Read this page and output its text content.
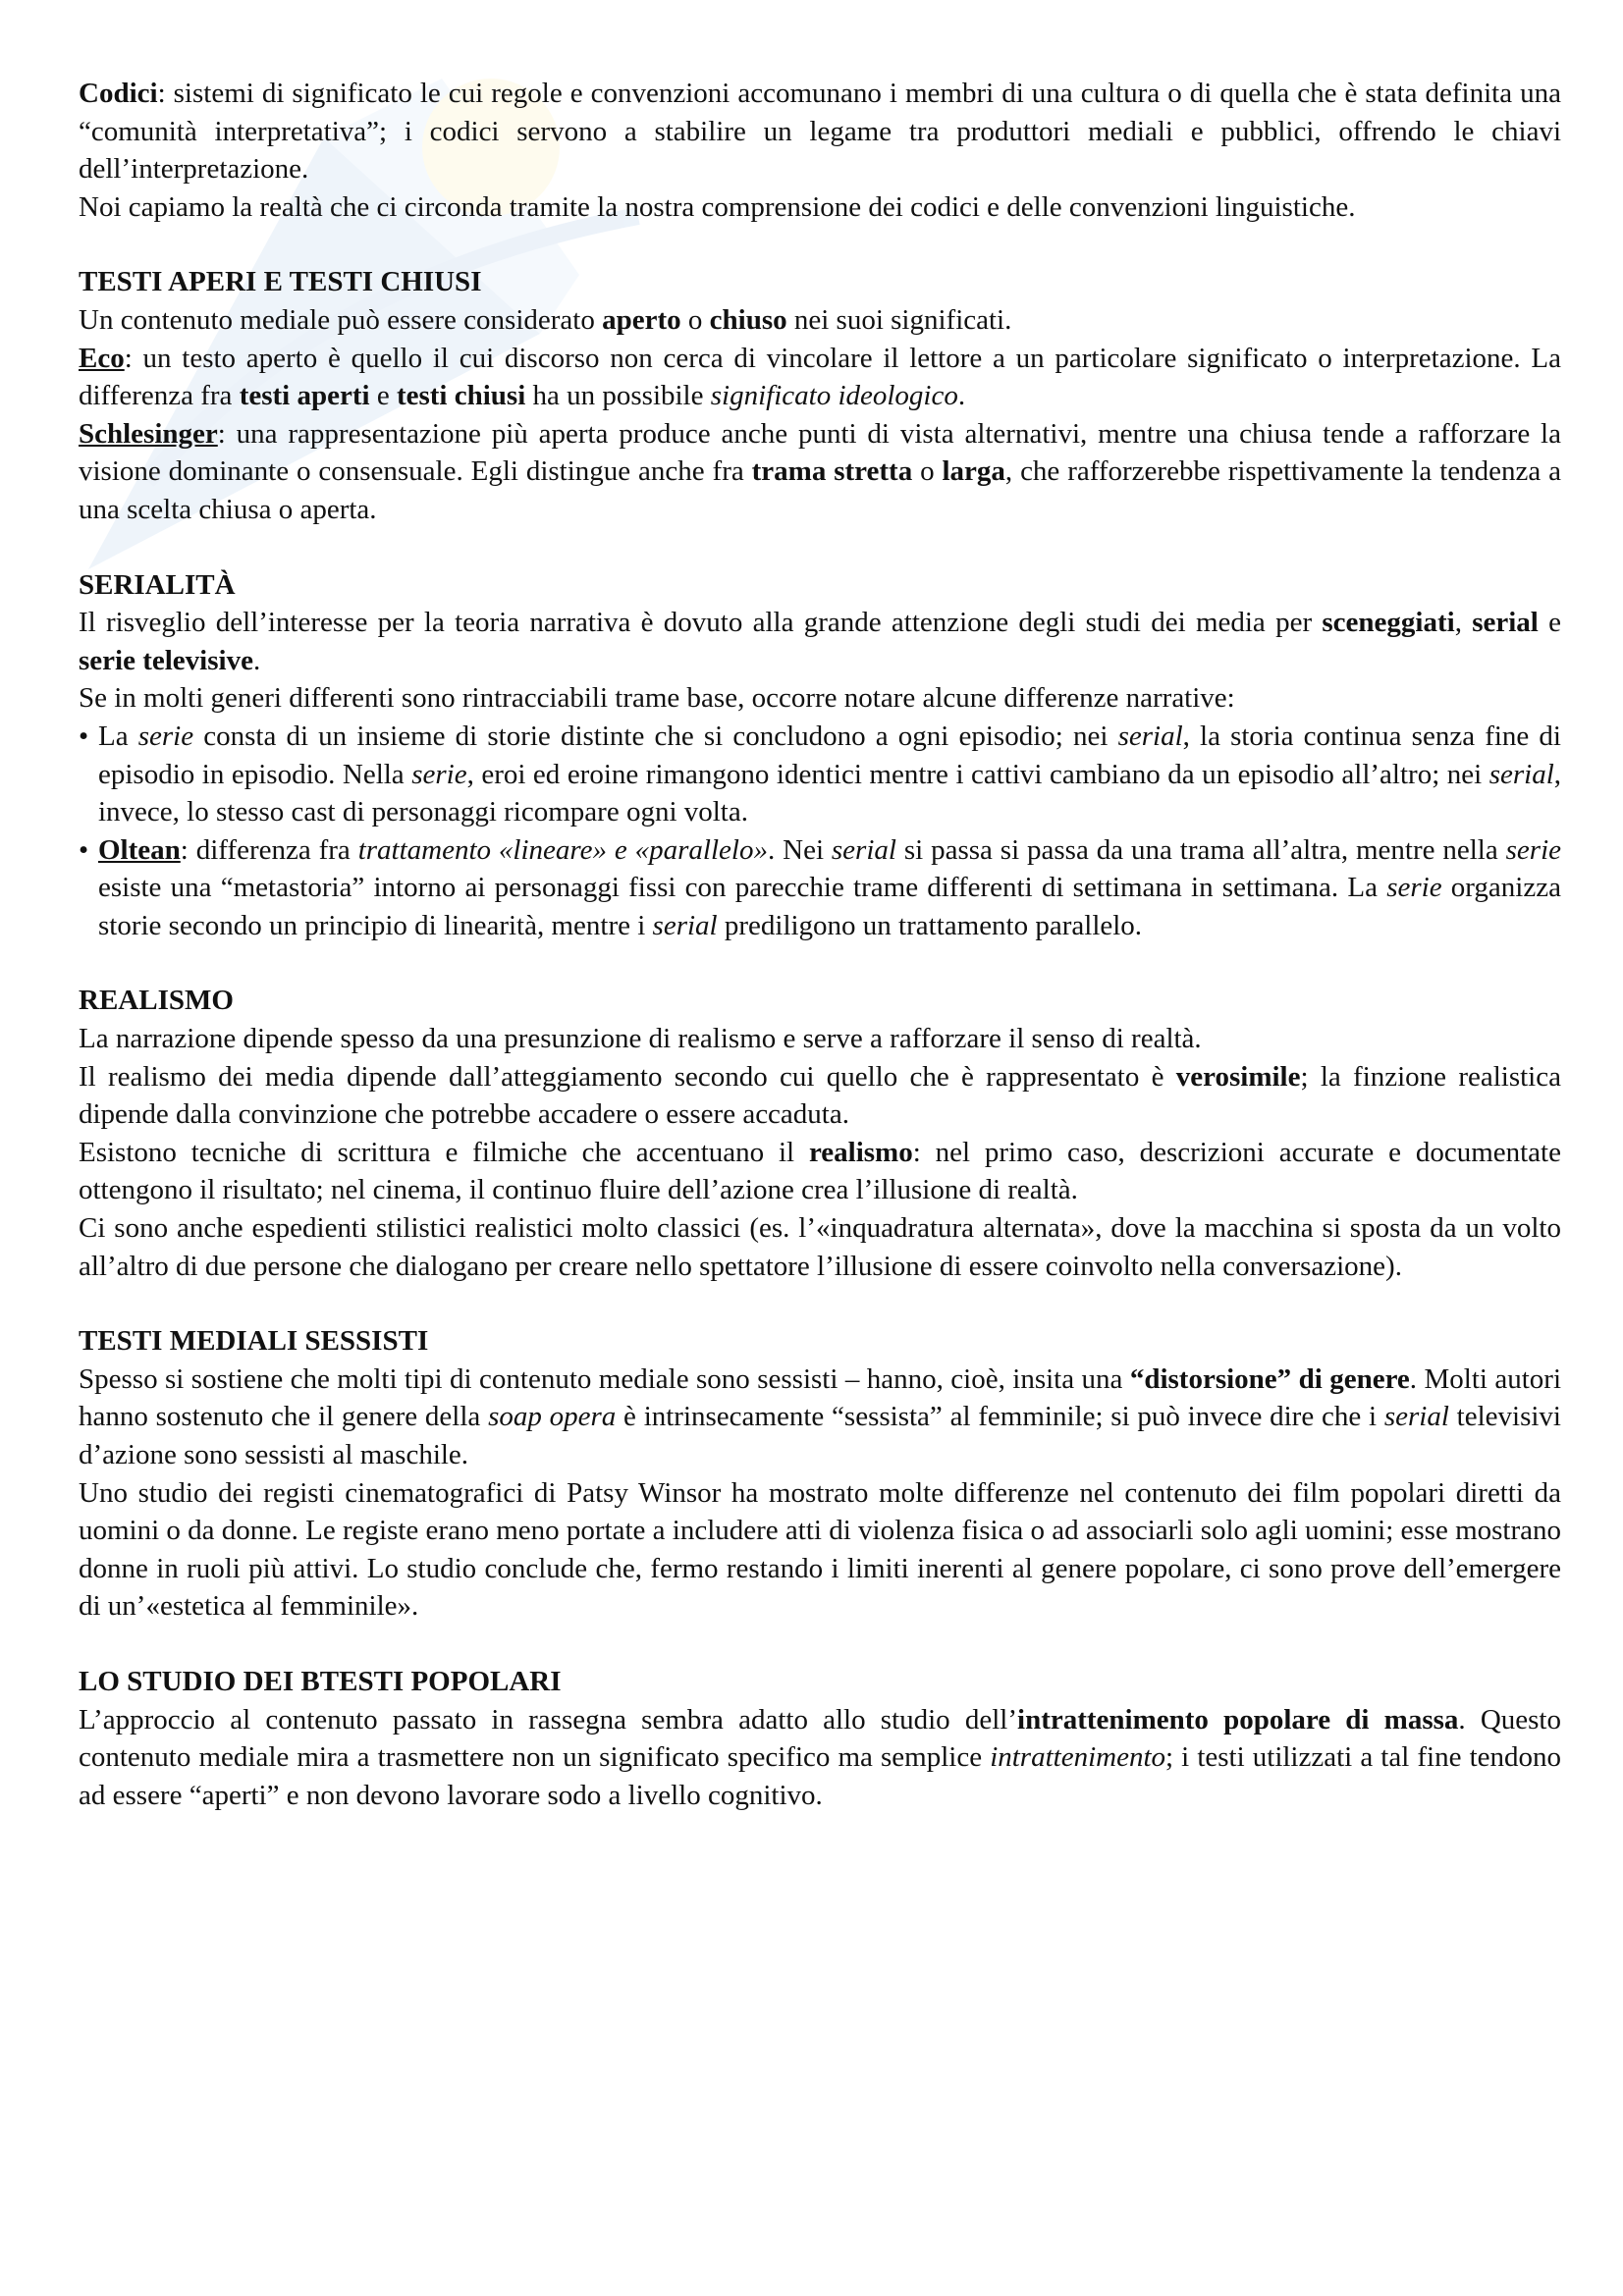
Codici: sistemi di significato le cui regole e convenzioni accomunano i membri di una cultura o di quella che è stata definita una “comunità interpretativa”; i codici servono a stabilire un legame tra produttori mediali e pubblici, offrendo le chiavi dell’interpretazione.

Noi capiamo la realtà che ci circonda tramite la nostra comprensione dei codici e delle convenzioni linguistiche.

TESTI APERI E TESTI CHIUSI

Un contenuto mediale può essere considerato aperto o chiuso nei suoi significati.

Eco: un testo aperto è quello il cui discorso non cerca di vincolare il lettore a un particolare significato o interpretazione. La differenza fra testi aperti e testi chiusi ha un possibile significato ideologico.

Schlesinger: una rappresentazione più aperta produce anche punti di vista alternativi, mentre una chiusa tende a rafforzare la visione dominante o consensuale. Egli distingue anche fra trama stretta o larga, che rafforzerebbe rispettivamente la tendenza a una scelta chiusa o aperta.

SERIALITÀ

Il risveglio dell’interesse per la teoria narrativa è dovuto alla grande attenzione degli studi dei media per sceneggiati, serial e serie televisive.

Se in molti generi differenti sono rintracciabili trame base, occorre notare alcune differenze narrative:

• La serie consta di un insieme di storie distinte che si concludono a ogni episodio; nei serial, la storia continua senza fine di episodio in episodio. Nella serie, eroi ed eroine rimangono identici mentre i cattivi cambiano da un episodio all’altro; nei serial, invece, lo stesso cast di personaggi ricompare ogni volta.
• Oltean: differenza fra trattamento «lineare» e «parallelo». Nei serial si passa si passa da una trama all’altra, mentre nella serie esiste una “metastoria” intorno ai personaggi fissi con parecchie trame differenti di settimana in settimana. La serie organizza storie secondo un principio di linearità, mentre i serial prediligono un trattamento parallelo.

REALISMO

La narrazione dipende spesso da una presunzione di realismo e serve a rafforzare il senso di realtà.

Il realismo dei media dipende dall’atteggiamento secondo cui quello che è rappresentato è verosimile; la finzione realistica dipende dalla convinzione che potrebbe accadere o essere accaduta.

Esistono tecniche di scrittura e filmiche che accentuano il realismo: nel primo caso, descrizioni accurate e documentate ottengono il risultato; nel cinema, il continuo fluire dell’azione crea l’illusione di realtà.

Ci sono anche espedienti stilistici realistici molto classici (es. l’«inquadratura alternata», dove la macchina si sposta da un volto all’altro di due persone che dialogano per creare nello spettatore l’illusione di essere coinvolto nella conversazione).

TESTI MEDIALI SESSISTI

Spesso si sostiene che molti tipi di contenuto mediale sono sessisti – hanno, cioè, insita una “distorsione” di genere. Molti autori hanno sostenuto che il genere della soap opera è intrinsecamente “sessista” al femminile; si può invece dire che i serial televisivi d’azione sono sessisti al maschile.

Uno studio dei registi cinematografici di Patsy Winsor ha mostrato molte differenze nel contenuto dei film popolari diretti da uomini o da donne. Le registe erano meno portate a includere atti di violenza fisica o ad associarli solo agli uomini; esse mostrano donne in ruoli più attivi. Lo studio conclude che, fermo restando i limiti inerenti al genere popolare, ci sono prove dell’emergere di un’«estetica al femminile».

LO STUDIO DEI BTESTI POPOLARI

L’approccio al contenuto passato in rassegna sembra adatto allo studio dell’intrattenimento popolare di massa. Questo contenuto mediale mira a trasmettere non un significato specifico ma semplice intrattenimento; i testi utilizzati a tal fine tendono ad essere “aperti” e non devono lavorare sodo a livello cognitivo.
